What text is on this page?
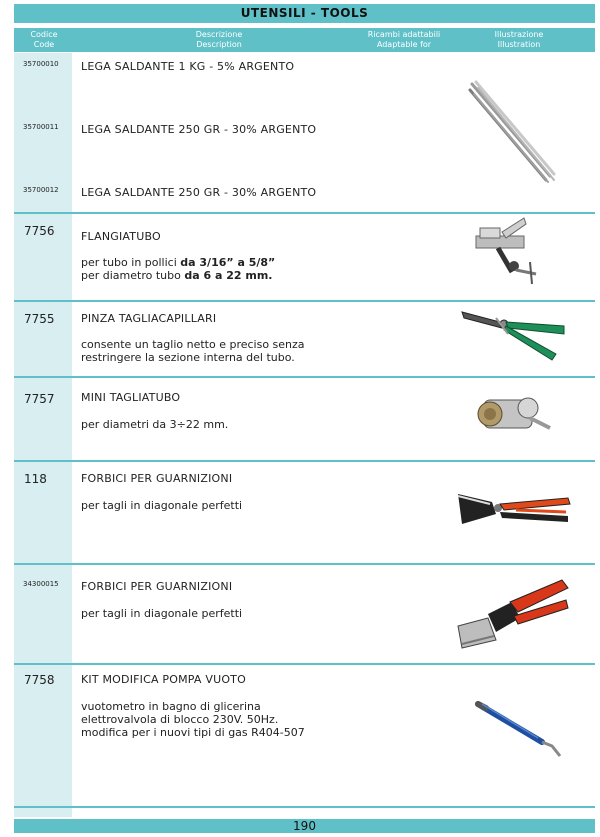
UTENSILI - TOOLS
Codice
Code
Descrizione
Description
Ricambi adattabili
Adaptable for
Illustrazione
Illustration
35700010 LEGA SALDANTE 1 KG - 5% ARGENTO
35700011 LEGA SALDANTE 250 GR - 30% ARGENTO
35700012 LEGA SALDANTE 250 GR - 30% ARGENTO
7756 FLANGIATUBO
per tubo in pollici da 3/16” a 5/8”
per diametro tubo da 6 a 22 mm.
7755 PINZA TAGLIACAPILLARI
consente un taglio netto e preciso senza
restringere la sezione interna del tubo.
7757 MINI TAGLIATUBO
per diametri da 3÷22 mm.
118	FORBICI PER GUARNIZIONI
per tagli in diagonale perfetti
34300015 FORBICI PER GUARNIZIONI
per tagli in diagonale perfetti
7758 KIT MODIFICA POMPA VUOTO
vuotometro in bagno di glicerina
elettrovalvola di blocco 230V. 50Hz.
modifica per i nuovi tipi di gas R404-507
190
